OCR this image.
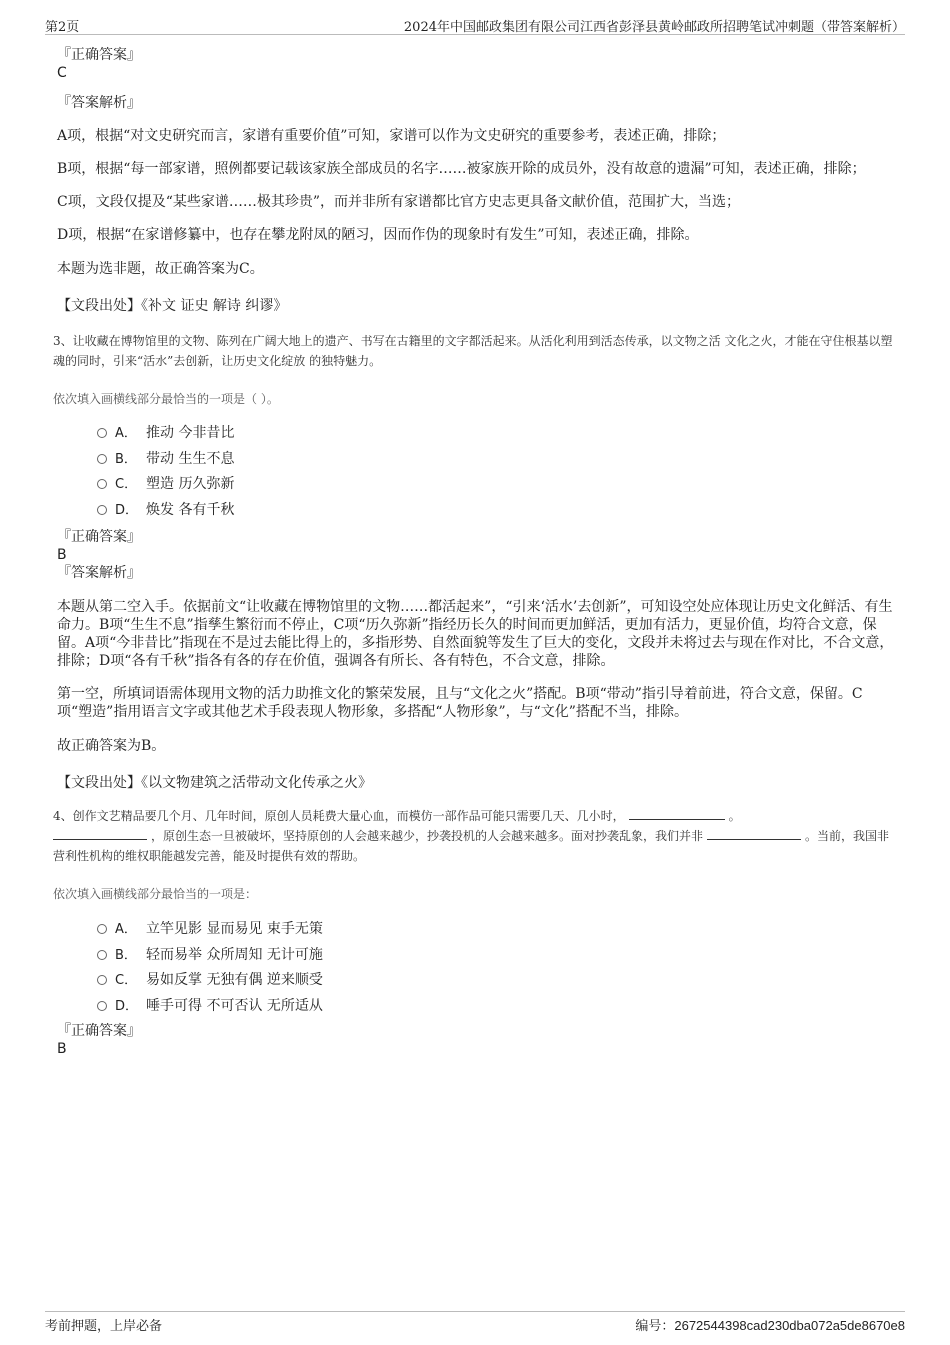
第2页	2024年中国邮政集团有限公司江西省彭泽县黄岭邮政所招聘笔试冲刺题（带答案解析）
『正确答案』
C
『答案解析』

A项，根据“对文史研究而言，家谱有重要价值”可知，家谱可以作为文史研究的重要参考，表述正确，排除；

B项，根据“每一部家谱，照例都要记载该家族全部成员的名字……被家族开除的成员外，没有故意的遗漏”可知，表述正确，排除；

C项，文段仅提及“某些家谱……极其珍贵”，而并非所有家谱都比官方史志更具备文献价值，范围扩大，当选；

D项，根据“在家谱修纂中，也存在攀龙附凤的陋习，因而作伪的现象时有发生”可知，表述正确，排除。

本题为选非题，故正确答案为C。

【文段出处】《补文 证史 解诗 纠谬》

3、让收藏在博物馆里的文物、陈列在广阔大地上的遗产、书写在古籍里的文字都活起来。从活化利用到活态传承，以文物之活 文化之火，才能在守住根基以塑魂的同时，引来“活水”去创新，让历史文化绽放 的独特魅力。

依次填入画横线部分最恰当的一项是（ ）。

A． 推动 今非昔比
B． 带动 生生不息
C． 塑造 历久弥新
D． 焕发 各有千秋
『正确答案』
B
『答案解析』

本题从第二空入手。依据前文“让收藏在博物馆里的文物……都活起来”，“引来‘活水’去创新”，可知设空处应体现让历史文化鲜活、有生命力。B项“生生不息”指孳生繁衍而不停止，C项“历久弥新”指经历长久的时间而更加鲜活，更加有活力，更显价值，均符合文意，保留。A项“今非昔比”指现在不是过去能比得上的，多指形势、自然面貌等发生了巨大的变化，文段并未将过去与现在作对比，不合文意，排除；D项“各有千秋”指各有各的存在价值，强调各有所长、各有特色，不合文意，排除。

第一空，所填词语需体现用文物的活力助推文化的繁荣发展，且与“文化之火”搭配。B项“带动”指引导着前进，符合文意，保留。C项“塑造”指用语言文字或其他艺术手段表现人物形象，多搭配“人物形象”，与“文化”搭配不当，排除。

故正确答案为B。

【文段出处】《以文物建筑之活带动文化传承之火》

4、创作文艺精品要几个月、几年时间，原创人员耗费大量心血，而模仿一部作品可能只需要几天、几小时，	。
，原创生态一旦被破坏，坚持原创的人会越来越少，抄袭投机的人会越来越多。面对抄袭乱象，我们并非	。当前，我国非营利性机构的维权职能越发完善，能及时提供有效的帮助。

依次填入画横线部分最恰当的一项是：

A． 立竿见影 显而易见 束手无策
B． 轻而易举 众所周知 无计可施
C． 易如反掌 无独有偶 逆来顺受
D． 唾手可得 不可否认 无所适从
『正确答案』
B
考前押题，上岸必备	编号：2672544398cad230dba072a5de8670e8
